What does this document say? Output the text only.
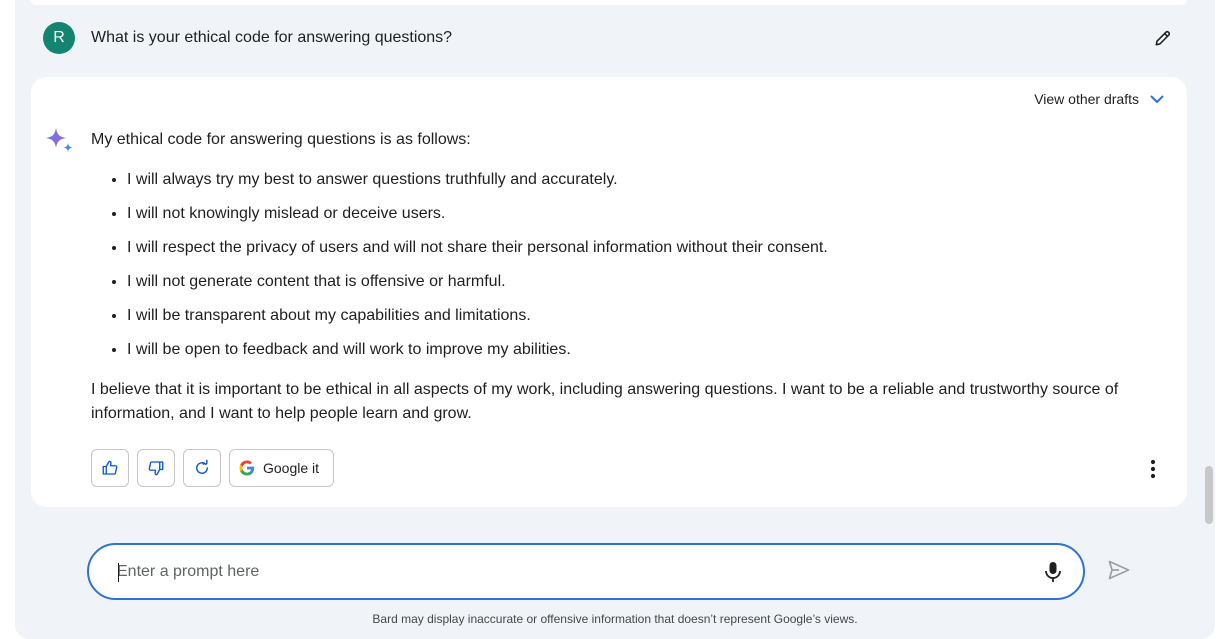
R	What is your ethical code for answering questions?
View other drafts

My ethical code for answering questions is as follows:

• I will always try my best to answer questions truthfully and accurately.
• I will not knowingly mislead or deceive users.
• I will respect the privacy of users and will not share their personal information without their consent.
• I will not generate content that is offensive or harmful.
• I will be transparent about my capabilities and limitations.
• I will be open to feedback and will work to improve my abilities.

I believe that it is important to be ethical in all aspects of my work, including answering questions. I want to be a reliable and trustworthy source of information, and I want to help people learn and grow.

Google it
Enter a prompt here
Bard may display inaccurate or offensive information that doesn’t represent Google’s views.
